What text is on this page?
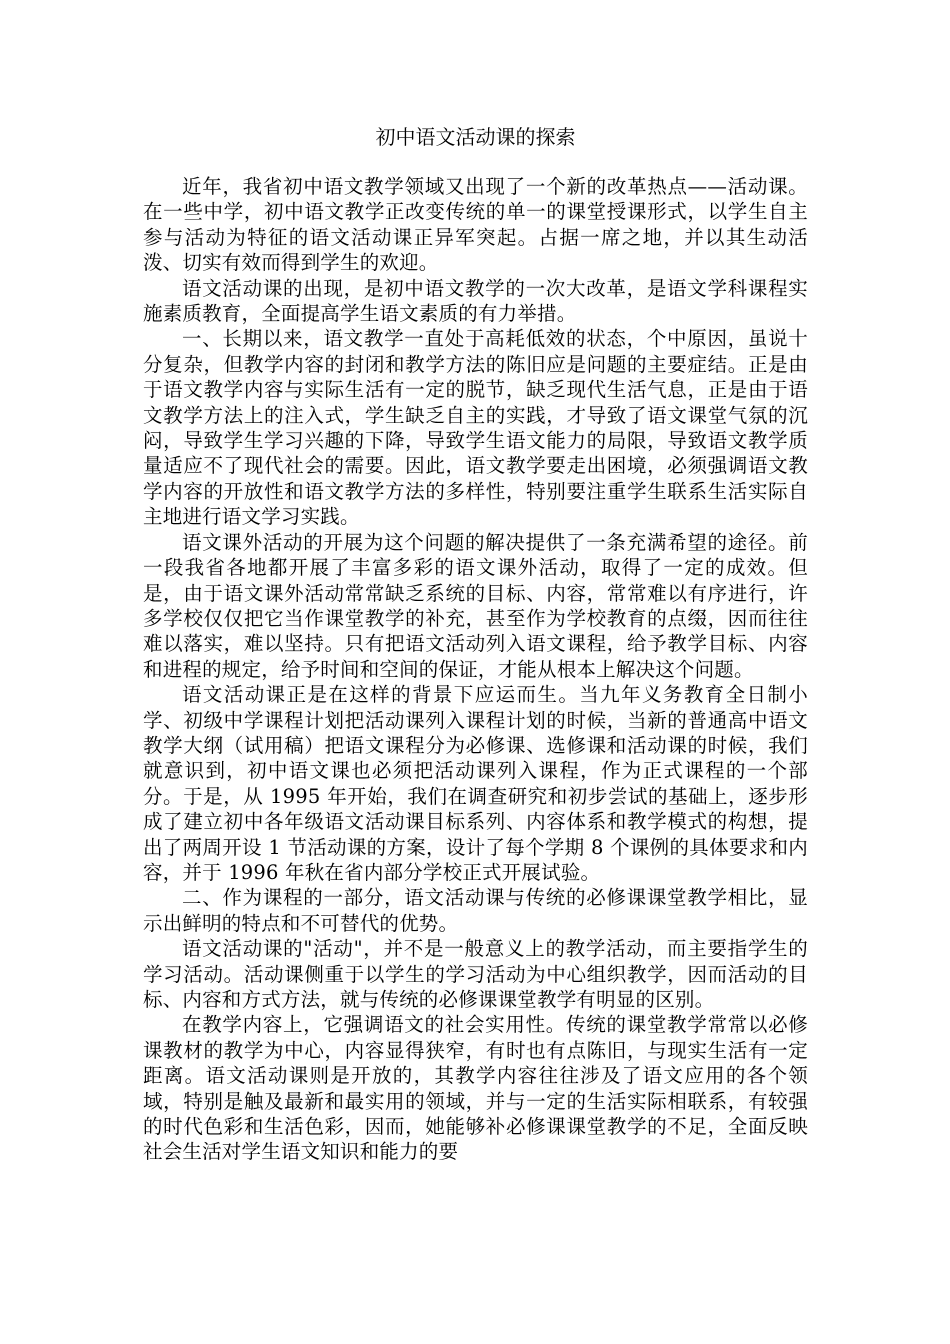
初中语文活动课的探索

近年，我省初中语文教学领域又出现了一个新的改革热点——活动课。在一些中学，初中语文教学正改变传统的单一的课堂授课形式，以学生自主参与活动为特征的语文活动课正异军突起。占据一席之地，并以其生动活泼、切实有效而得到学生的欢迎。

语文活动课的出现，是初中语文教学的一次大改革，是语文学科课程实施素质教育，全面提高学生语文素质的有力举措。

一、长期以来，语文教学一直处于高耗低效的状态，个中原因，虽说十分复杂，但教学内容的封闭和教学方法的陈旧应是问题的主要症结。正是由于语文教学内容与实际生活有一定的脱节，缺乏现代生活气息，正是由于语文教学方法上的注入式，学生缺乏自主的实践，才导致了语文课堂气氛的沉闷，导致学生学习兴趣的下降，导致学生语文能力的局限，导致语文教学质量适应不了现代社会的需要。因此，语文教学要走出困境，必须强调语文教学内容的开放性和语文教学方法的多样性，特别要注重学生联系生活实际自主地进行语文学习实践。

语文课外活动的开展为这个问题的解决提供了一条充满希望的途径。前一段我省各地都开展了丰富多彩的语文课外活动，取得了一定的成效。但是，由于语文课外活动常常缺乏系统的目标、内容，常常难以有序进行，许多学校仅仅把它当作课堂教学的补充，甚至作为学校教育的点缀，因而往往难以落实，难以坚持。只有把语文活动列入语文课程，给予教学目标、内容和进程的规定，给予时间和空间的保证，才能从根本上解决这个问题。

语文活动课正是在这样的背景下应运而生。当九年义务教育全日制小学、初级中学课程计划把活动课列入课程计划的时候，当新的普通高中语文教学大纲（试用稿）把语文课程分为必修课、选修课和活动课的时候，我们就意识到，初中语文课也必须把活动课列入课程，作为正式课程的一个部分。于是，从 1995 年开始，我们在调查研究和初步尝试的基础上，逐步形成了建立初中各年级语文活动课目标系列、内容体系和教学模式的构想，提出了两周开设 1 节活动课的方案，设计了每个学期 8 个课例的具体要求和内容，并于 1996 年秋在省内部分学校正式开展试验。

二、作为课程的一部分，语文活动课与传统的必修课课堂教学相比，显示出鲜明的特点和不可替代的优势。

语文活动课的"活动"，并不是一般意义上的教学活动，而主要指学生的学习活动。活动课侧重于以学生的学习活动为中心组织教学，因而活动的目标、内容和方式方法，就与传统的必修课课堂教学有明显的区别。

在教学内容上，它强调语文的社会实用性。传统的课堂教学常常以必修课教材的教学为中心，内容显得狭窄，有时也有点陈旧，与现实生活有一定距离。语文活动课则是开放的，其教学内容往往涉及了语文应用的各个领域，特别是触及最新和最实用的领域，并与一定的生活实际相联系，有较强的时代色彩和生活色彩，因而，她能够补必修课课堂教学的不足，全面反映社会生活对学生语文知识和能力的要
